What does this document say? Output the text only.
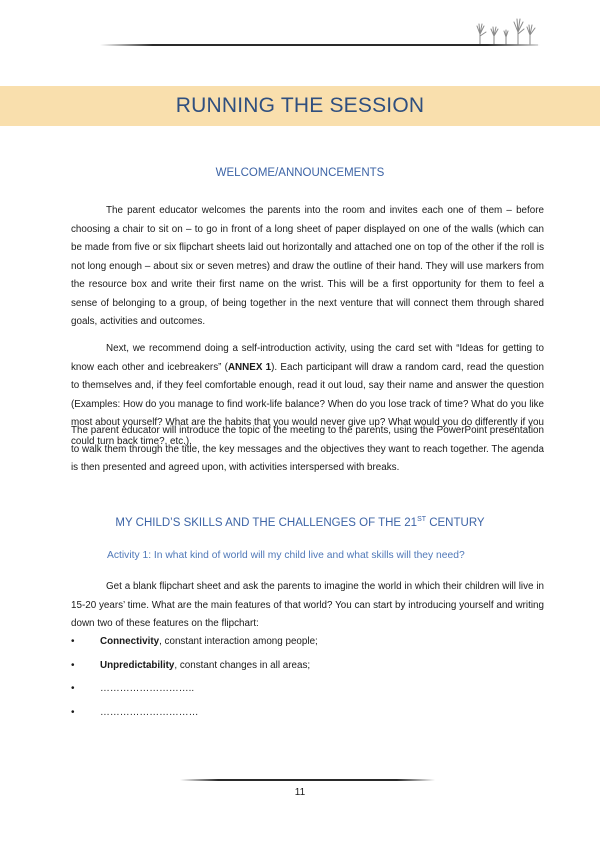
RUNNING THE SESSION
WELCOME/ANNOUNCEMENTS

The parent educator welcomes the parents into the room and invites each one of them – before choosing a chair to sit on – to go in front of a long sheet of paper displayed on one of the walls (which can be made from five or six flipchart sheets laid out horizontally and attached one on top of the other if the roll is not long enough – about six or seven metres) and draw the outline of their hand. They will use markers from the resource box and write their first name on the wrist. This will be a first opportunity for them to feel a sense of belonging to a group, of being together in the next venture that will connect them through shared goals, activities and outcomes.

Next, we recommend doing a self-introduction activity, using the card set with “Ideas for getting to know each other and icebreakers” (ANNEX 1). Each participant will draw a random card, read the question to themselves and, if they feel comfortable enough, read it out loud, say their name and answer the question (Examples: How do you manage to find work-life balance? When do you lose track of time? What do you like most about yourself? What are the habits that you would never give up? What would you do differently if you could turn back time?, etc.).

The parent educator will introduce the topic of the meeting to the parents, using the PowerPoint presentation to walk them through the title, the key messages and the objectives they want to reach together. The agenda is then presented and agreed upon, with activities interspersed with breaks.

MY CHILD’S SKILLS AND THE CHALLENGES OF THE 21ST CENTURY
Activity 1: In what kind of world will my child live and what skills will they need?

Get a blank flipchart sheet and ask the parents to imagine the world in which their children will live in 15-20 years’ time. What are the main features of that world? You can start by introducing yourself and writing down two of these features on the flipchart:

•	Connectivity, constant interaction among people;
•	Unpredictability, constant changes in all areas;
•	………………………..
•	…………………………
11
